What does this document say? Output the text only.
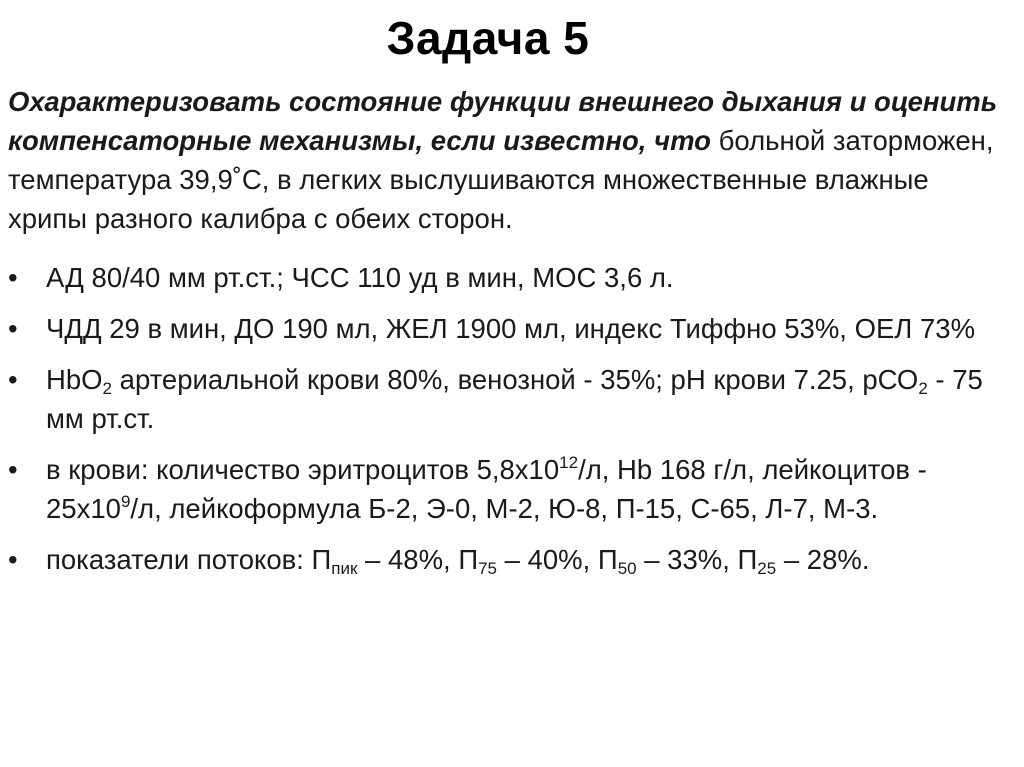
Задача 5
Охарактеризовать состояние функции внешнего дыхания и оценить компенсаторные механизмы, если известно, что больной заторможен, температура 39,9˚С, в легких выслушиваются множественные влажные хрипы разного калибра с обеих сторон.
• АД 80/40 мм рт.ст.; ЧСС 110 уд в мин, МОС 3,6 л.
• ЧДД 29 в мин, ДО 190 мл, ЖЕЛ 1900 мл, индекс Тиффно 53%, ОЕЛ 73%
• HbO$_2$ артериальной крови 80%, венозной - 35%; рН крови 7.25, рСО$_2$ - 75 мм рт.ст.
• в крови: количество эритроцитов $5,8х10^{12}/л$, Hb 168 г/л, лейкоцитов - $25х10^9/л$, лейкоформула Б-2, Э-0, М-2, Ю-8, П-15, С-65, Л-7, М-3.
• показатели потоков: $П_{пик} - 48\%$, $П_{75} - 40\%$, $П_{50} - 33\%$, $П_{25} - 28\%$.
